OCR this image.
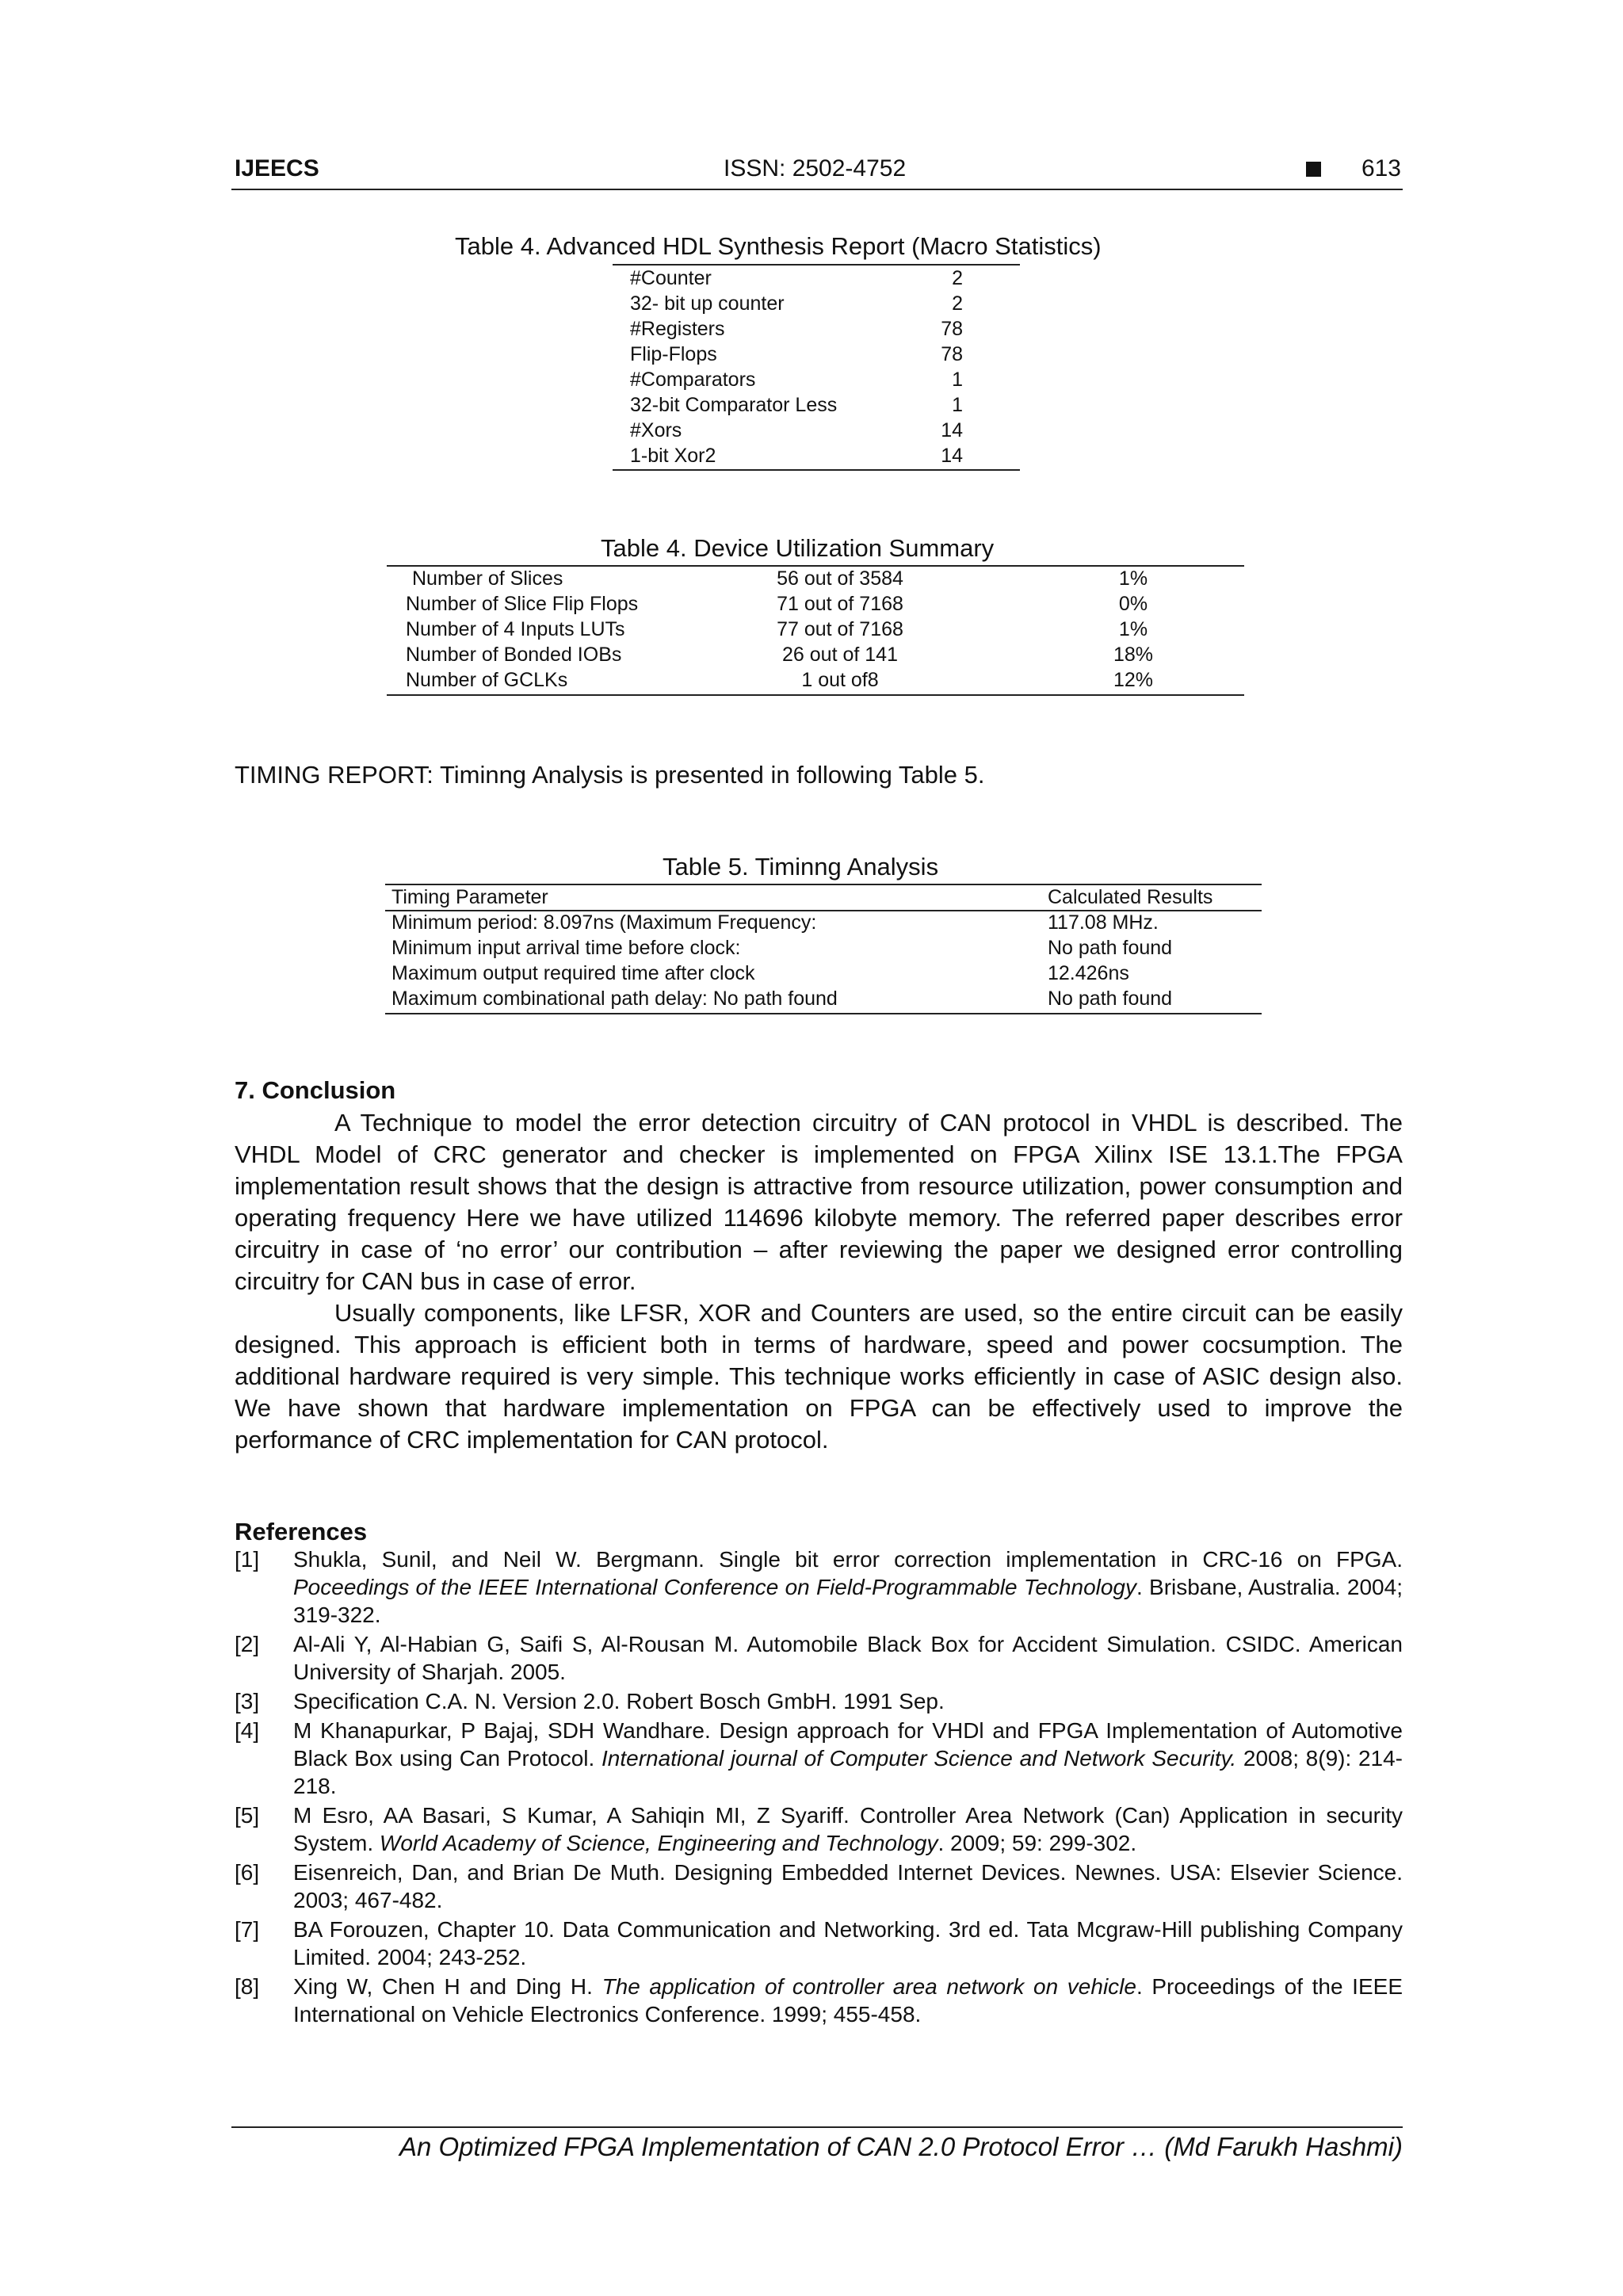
IJEECS	ISSN: 2502-4752	613
Table 4. Advanced HDL Synthesis Report (Macro Statistics)
#Counter	2
32- bit up counter	2
#Registers	78
Flip-Flops	78
#Comparators	1
32-bit Comparator Less	1
#Xors	14
1-bit Xor2	14
Table 4. Device Utilization Summary
Number of Slices	56 out of 3584	1%
Number of Slice Flip Flops	71 out of 7168	0%
Number of 4 Inputs LUTs	77 out of 7168	1%
Number of Bonded IOBs	26 out of 141	18%
Number of GCLKs	1 out of8	12%
TIMING REPORT: Timinng Analysis is presented in following Table 5.
Table 5. Timinng Analysis
Timing Parameter	Calculated Results
Minimum period: 8.097ns (Maximum Frequency:	117.08 MHz.
Minimum input arrival time before clock:	No path found
Maximum output required time after clock	12.426ns
Maximum combinational path delay: No path found	No path found
7. Conclusion
A Technique to model the error detection circuitry of CAN protocol in VHDL is described. The VHDL Model of CRC generator and checker is implemented on FPGA Xilinx ISE 13.1.The FPGA implementation result shows that the design is attractive from resource utilization, power consumption and operating frequency Here we have utilized 114696 kilobyte memory. The referred paper describes error circuitry in case of ‘no error’ our contribution – after reviewing the paper we designed error controlling circuitry for CAN bus in case of error.
Usually components, like LFSR, XOR and Counters are used, so the entire circuit can be easily designed. This approach is efficient both in terms of hardware, speed and power cocsumption. The additional hardware required is very simple. This technique works efficiently in case of ASIC design also. We have shown that hardware implementation on FPGA can be effectively used to improve the performance of CRC implementation for CAN protocol.
References
[1] Shukla, Sunil, and Neil W. Bergmann. Single bit error correction implementation in CRC-16 on FPGA. Poceedings of the IEEE International Conference on Field-Programmable Technology. Brisbane, Australia. 2004; 319-322.
[2] Al-Ali Y, Al-Habian G, Saifi S, Al-Rousan M. Automobile Black Box for Accident Simulation. CSIDC. American University of Sharjah. 2005.
[3] Specification C.A. N. Version 2.0. Robert Bosch GmbH. 1991 Sep.
[4] M Khanapurkar, P Bajaj, SDH Wandhare. Design approach for VHDl and FPGA Implementation of Automotive Black Box using Can Protocol. International journal of Computer Science and Network Security. 2008; 8(9): 214-218.
[5] M Esro, AA Basari, S Kumar, A Sahiqin MI, Z Syariff. Controller Area Network (Can) Application in security System. World Academy of Science, Engineering and Technology. 2009; 59: 299-302.
[6] Eisenreich, Dan, and Brian De Muth. Designing Embedded Internet Devices. Newnes. USA: Elsevier Science. 2003; 467-482.
[7] BA Forouzen, Chapter 10. Data Communication and Networking. 3rd ed. Tata Mcgraw-Hill publishing Company Limited. 2004; 243-252.
[8] Xing W, Chen H and Ding H. The application of controller area network on vehicle. Proceedings of the IEEE International on Vehicle Electronics Conference. 1999; 455-458.
An Optimized FPGA Implementation of CAN 2.0 Protocol Error … (Md Farukh Hashmi)
